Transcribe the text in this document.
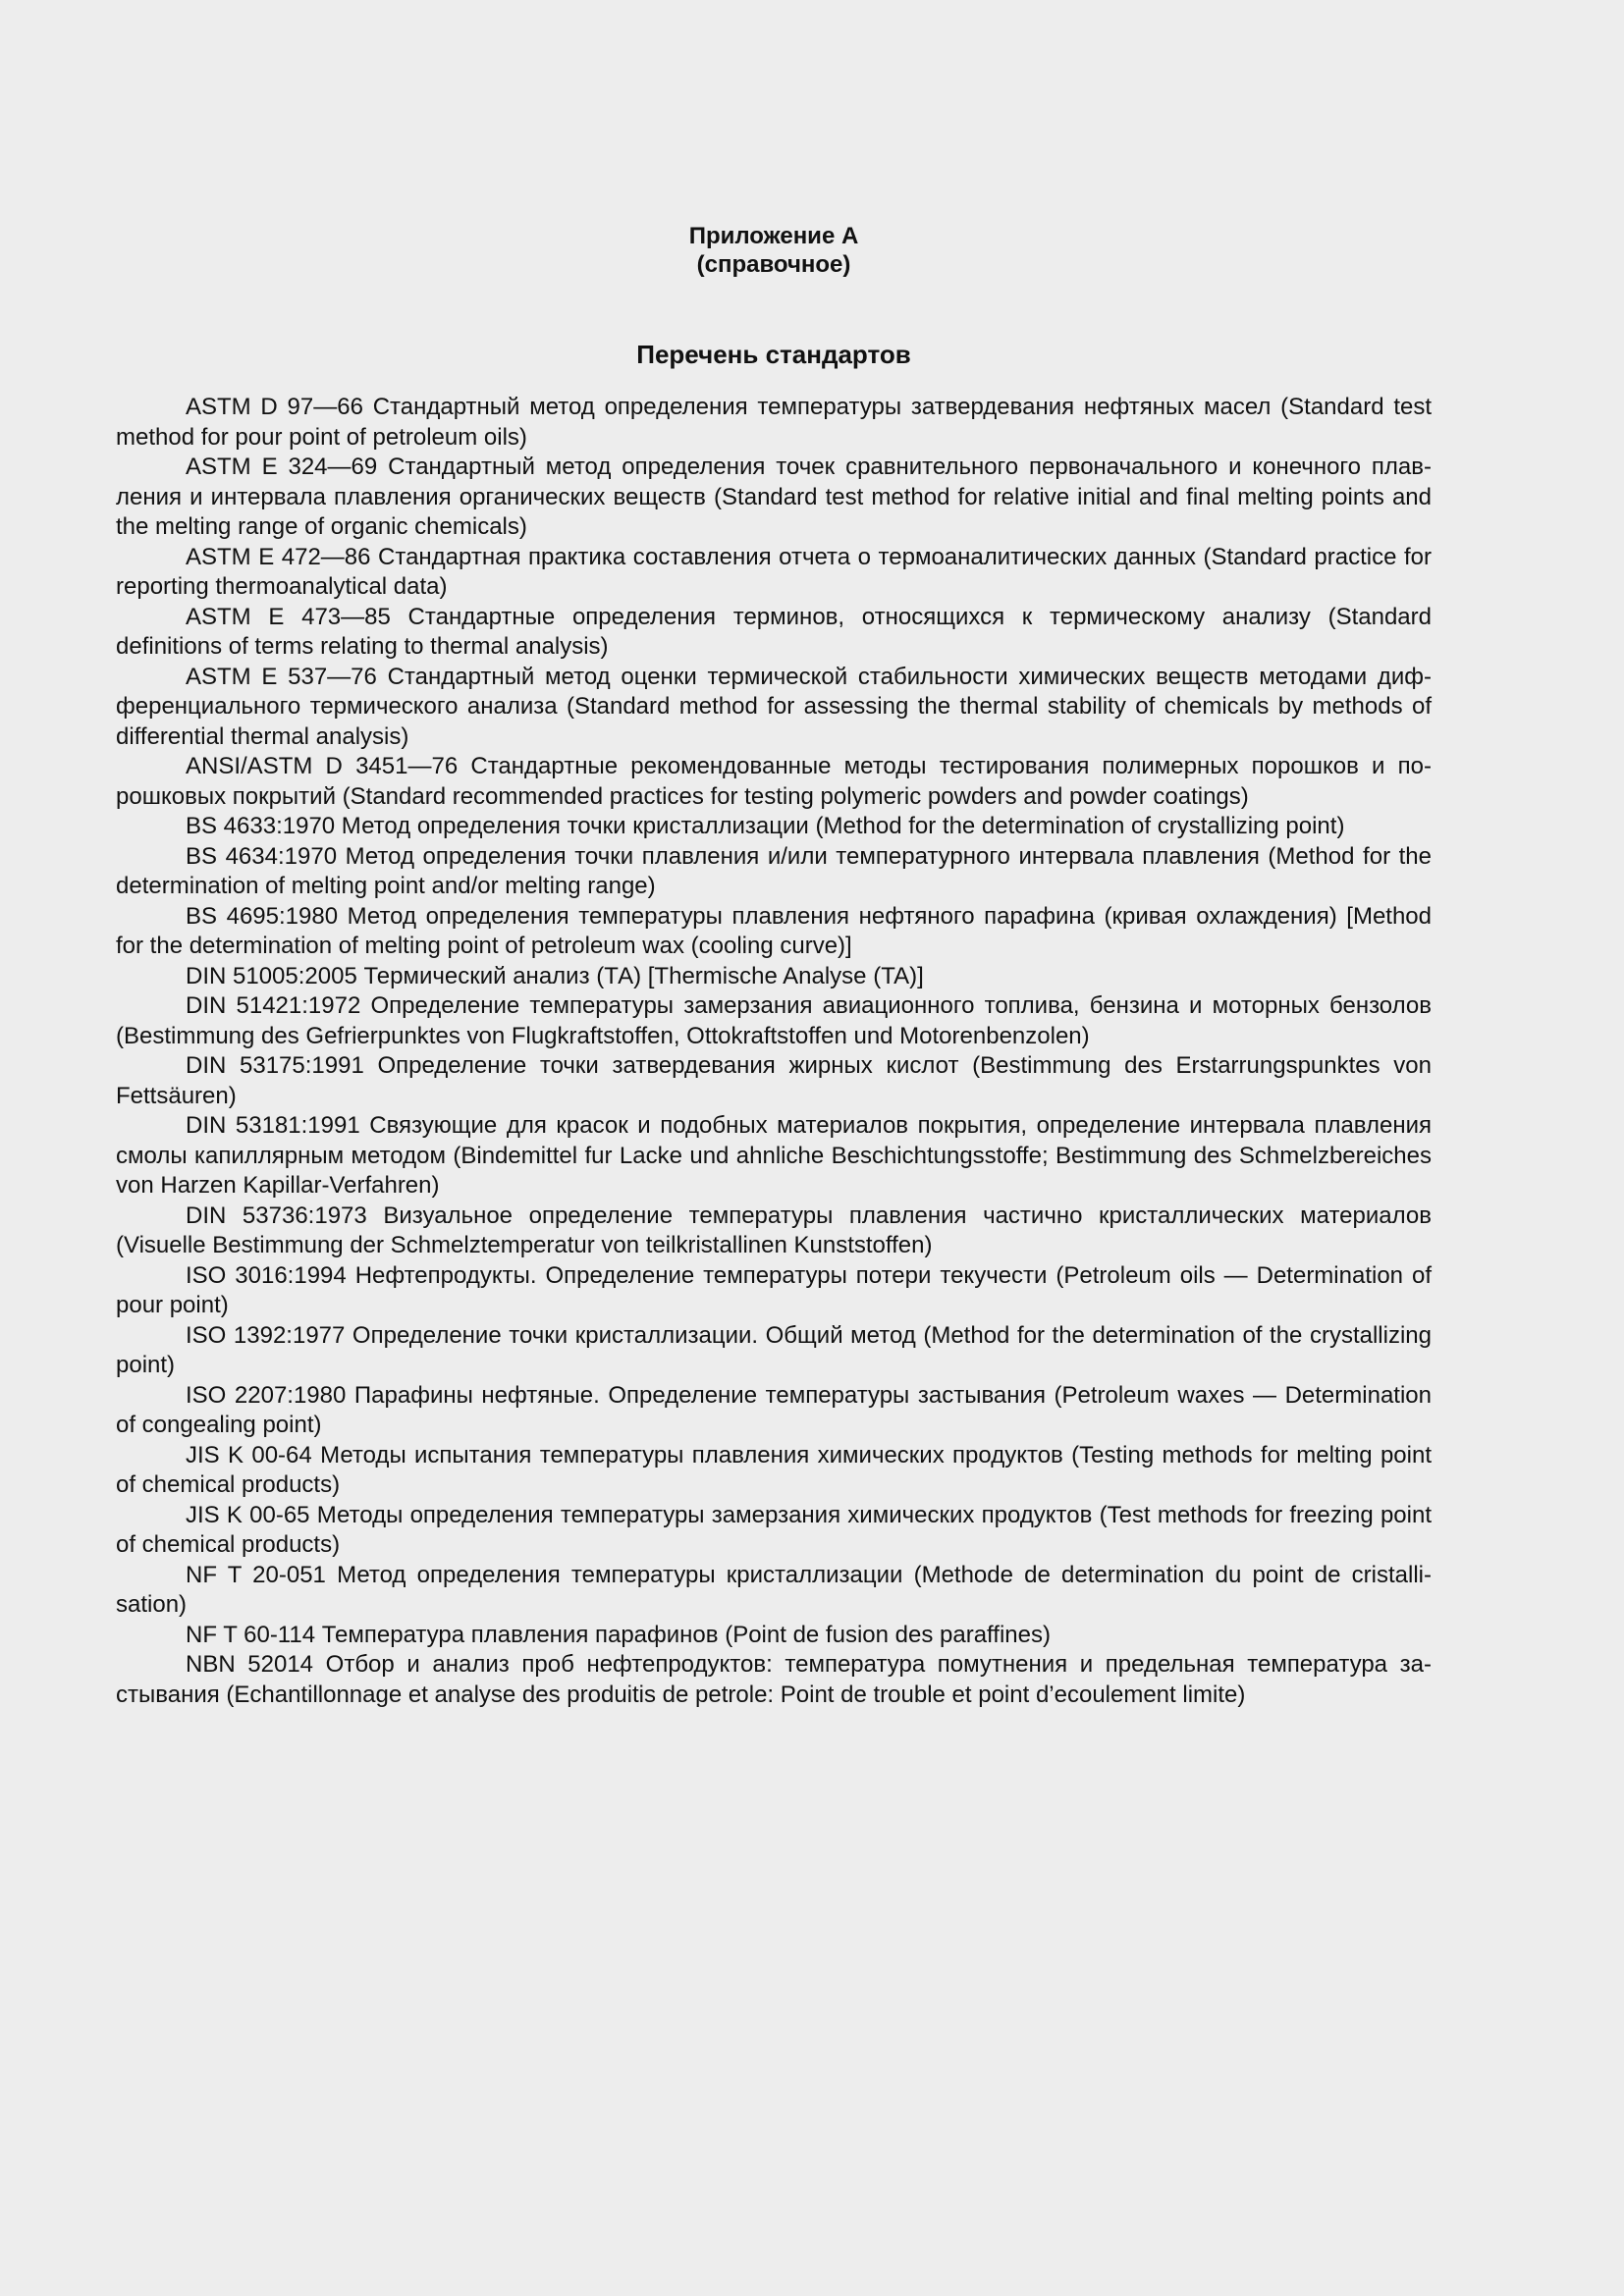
Приложение А
(справочное)
Перечень стандартов
ASTM D 97—66 Стандартный метод определения температуры затвердевания нефтяных масел (Standard test method for pour point of petroleum oils)
ASTM Е 324—69 Стандартный метод определения точек сравнительного первоначального и конечного плавления и интервала плавления органических веществ (Standard test method for relative initial and final melting points and the melting range of organic chemicals)
ASTM E 472—86 Стандартная практика составления отчета о термоаналитических данных (Standard practice for reporting thermoanalytical data)
ASTM E 473—85 Стандартные определения терминов, относящихся к термическому анализу (Standard definitions of terms relating to thermal analysis)
ASTM E 537—76 Стандартный метод оценки термической стабильности химических веществ методами дифференциального термического анализа (Standard method for assessing the thermal stability of chemicals by methods of differential thermal analysis)
ANSI/ASTM D 3451—76 Стандартные рекомендованные методы тестирования полимерных порошков и порошковых покрытий (Standard recommended practices for testing polymeric powders and powder coatings)
BS 4633:1970 Метод определения точки кристаллизации (Method for the determination of crystallizing point)
BS 4634:1970 Метод определения точки плавления и/или температурного интервала плавления (Method for the determination of melting point and/or melting range)
BS 4695:1980 Метод определения температуры плавления нефтяного парафина (кривая охлаждения) [Method for the determination of melting point of petroleum wax (cooling curve)]
DIN 51005:2005 Термический анализ (ТА) [Thermische Analyse (TA)]
DIN 51421:1972 Определение температуры замерзания авиационного топлива, бензина и моторных бензолов (Bestimmung des Gefrierpunktes von Flugkraftstoffen, Ottokraftstoffen und Motorenbenzolen)
DIN 53175:1991 Определение точки затвердевания жирных кислот (Bestimmung des Erstarrungspunktes von Fettsäuren)
DIN 53181:1991 Связующие для красок и подобных материалов покрытия, определение интервала плавления смолы капиллярным методом (Bindemittel fur Lacke und ahnliche Beschichtungsstoffe; Bestimmung des Schmelzbereiches von Harzen Kapillar-Verfahren)
DIN 53736:1973 Визуальное определение температуры плавления частично кристаллических материалов (Visuelle Bestimmung der Schmelztemperatur von teilkristallinen Kunststoffen)
ISO 3016:1994 Нефтепродукты. Определение температуры потери текучести (Petroleum oils — Determination of pour point)
ISO 1392:1977 Определение точки кристаллизации. Общий метод (Method for the determination of the crystallizing point)
ISO 2207:1980 Парафины нефтяные. Определение температуры застывания (Petroleum waxes — Determination of congealing point)
JIS K 00-64 Методы испытания температуры плавления химических продуктов (Testing methods for melting point of chemical products)
JIS K 00-65 Методы определения температуры замерзания химических продуктов (Test methods for freezing point of chemical products)
NF T 20-051 Метод определения температуры кристаллизации (Methode de determination du point de cristallisation)
NF T 60-114 Температура плавления парафинов (Point de fusion des paraffines)
NBN 52014 Отбор и анализ проб нефтепродуктов: температура помутнения и предельная температура застывания (Echantillonnage et analyse des produitis de petrole: Point de trouble et point d’ecoulement limite)
